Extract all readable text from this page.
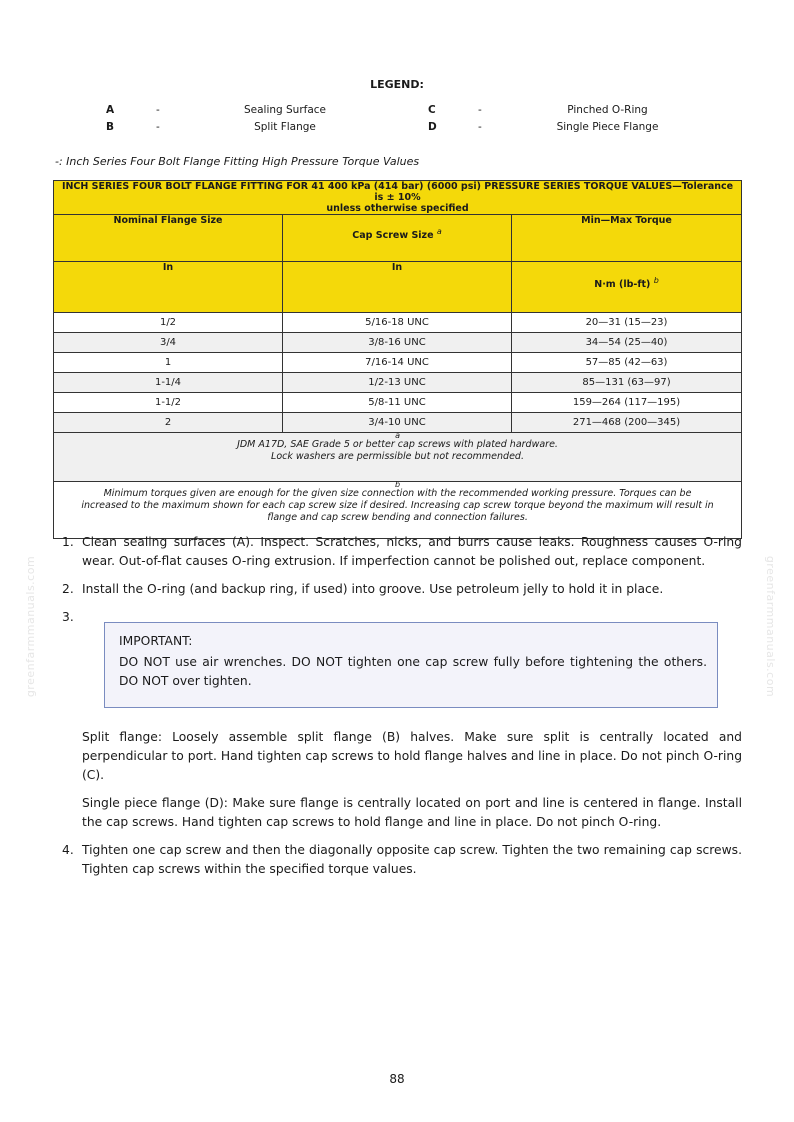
greenfarmmanuals.com	greenfarmmanuals.com
LEGEND:
A	-	Sealing Surface	C	-	Pinched O-Ring
B	-	Split Flange	D	-	Single Piece Flange
-: Inch Series Four Bolt Flange Fitting High Pressure Torque Values
INCH SERIES FOUR BOLT FLANGE FITTING FOR 41 400 kPa (414 bar) (6000 psi) PRESSURE SERIES TORQUE VALUES—Tolerance is ± 10%
unless otherwise specified		

Nominal Flange Size	Cap Screw Size $^a$	Min—Max Torque
In	In	N·m (lb-ft) $^b$
1/2	5/16-18 UNC	20—31 (15—23)
3/4	3/8-16 UNC	34—54 (25—40)
1	7/16-14 UNC	57—85 (42—63)
1-1/4	1/2-13 UNC	85—131 (63—97)
1-1/2	5/8-11 UNC	159—264 (117—195)
2	3/4-10 UNC	271—468 (200—345)

a
JDM A17D, SAE Grade 5 or better cap screws with plated hardware.
Lock washers are permissible but not recommended.		

b
Minimum torques given are enough for the given size connection with the recommended working pressure. Torques can be
increased to the maximum shown for each cap screw size if desired. Increasing cap screw torque beyond the maximum will result in
flange and cap screw bending and connection failures.		
1. Clean sealing surfaces (A). Inspect. Scratches, nicks, and burrs cause leaks. Roughness causes O-ring wear. Out-of-flat causes O-ring extrusion. If imperfection cannot be polished out, replace component.
2. Install the O-ring (and backup ring, if used) into groove. Use petroleum jelly to hold it in place.
3.
IMPORTANT:
DO NOT use air wrenches. DO NOT tighten one cap screw fully before tightening the others. DO NOT over tighten.
Split flange: Loosely assemble split flange (B) halves. Make sure split is centrally located and perpendicular to port. Hand tighten cap screws to hold flange halves and line in place. Do not pinch O-ring (C).
Single piece flange (D): Make sure flange is centrally located on port and line is centered in flange. Install the cap screws. Hand tighten cap screws to hold flange and line in place. Do not pinch O-ring.
4. Tighten one cap screw and then the diagonally opposite cap screw. Tighten the two remaining cap screws. Tighten cap screws within the specified torque values.
88
